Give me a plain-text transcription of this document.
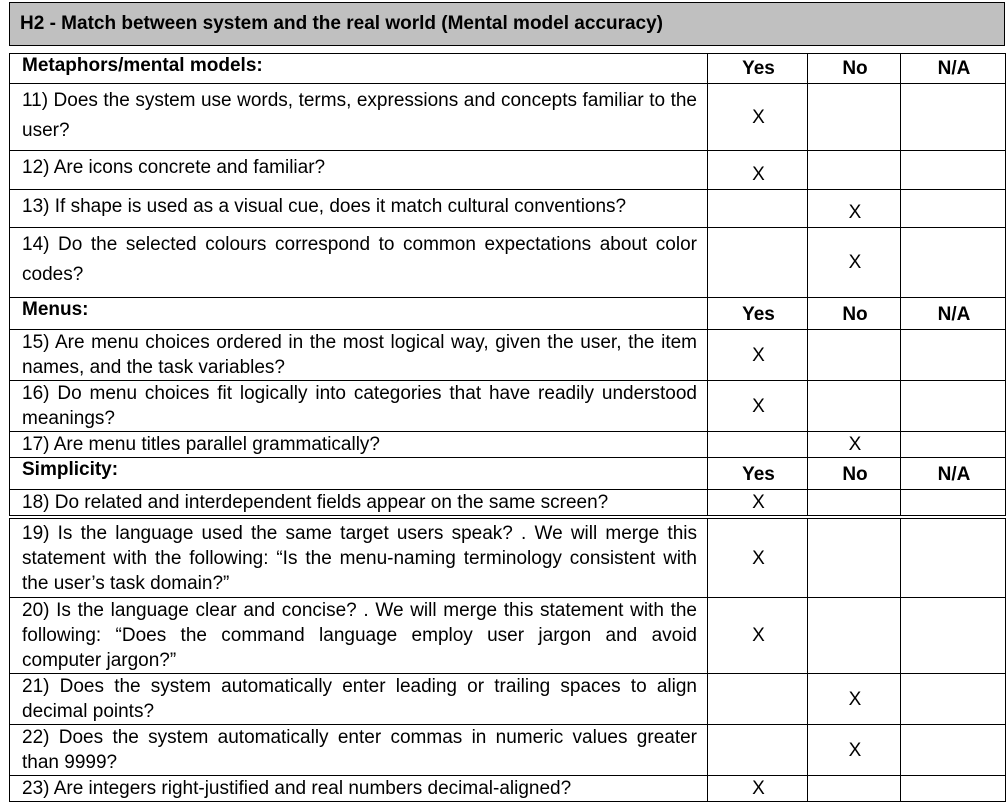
H2 - Match between system and the real world (Mental model accuracy)
Metaphors/mental models:	Yes	No	N/A
11) Does the system use words, terms, expressions and concepts familiar to the user?	X		
12) Are icons concrete and familiar?	X		
13) If shape is used as a visual cue, does it match cultural conventions?		X	
14) Do the selected colours correspond to common expectations about color codes?		X	
Menus:	Yes	No	N/A
15) Are menu choices ordered in the most logical way, given the user, the item names, and the task variables?	X		
16) Do menu choices fit logically into categories that have readily understood meanings?	X		
17) Are menu titles parallel grammatically?		X	
Simplicity:	Yes	No	N/A
18) Do related and interdependent fields appear on the same screen?	X		
19) Is the language used the same target users speak? . We will merge this statement with the following: “Is the menu-naming terminology consistent with the user’s task domain?”	X		
20) Is the language clear and concise? . We will merge this statement with the following: “Does the command language employ user jargon and avoid computer jargon?”	X		
21) Does the system automatically enter leading or trailing spaces to align decimal points?		X	
22) Does the system automatically enter commas in numeric values greater than 9999?		X	
23) Are integers right-justified and real numbers decimal-aligned?	X		
